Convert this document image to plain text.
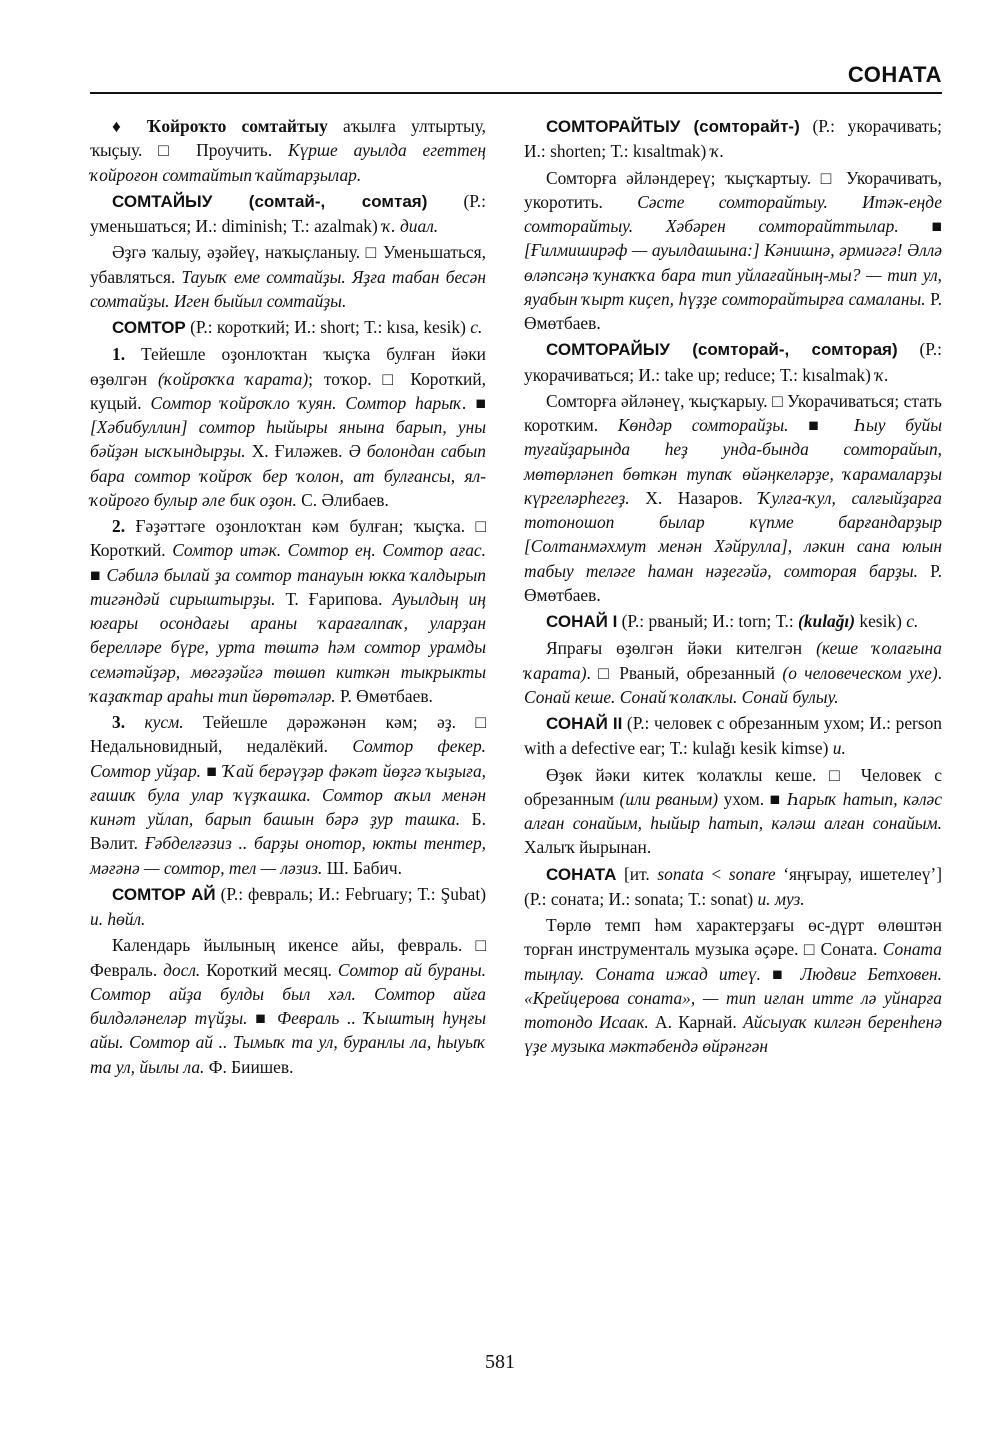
СОНАТА

♦ Ҡойроҡто сомтайтыу аҡылға ултыртыу, ҡыҫыу. □ Проучить. Күрше ауылда егеттең ҡойроғон сомтайтып ҡайтарҙылар.

СОМТАЙЫУ (сомтай-, сомтая) (Р.: уменьшаться; И.: diminish; Т.: azalmak) ҡ. диал.

Әҙгә ҡалыу, әҙәйеү, наҡыҫланыу. □ Уменьшаться, убавляться. Тауыҡ еме сомтайҙы. Яҙға табан бесән сомтайҙы. Иген быйыл сомтайҙы.

СОМТОР (Р.: короткий; И.: short; Т.: kısa, kesik) с.

1. Тейешле оҙонлоҡтан ҡыҫҡа булған йәки өҙөлгән (ҡойроҡҡа ҡарата); тоҡор. □ Короткий, куцый. Сомтор ҡойроҡло ҡуян. Сомтор һарыҡ. ■ [Хәбибуллин] сомтор һыйыры янына барып, уны бәйҙән ысҡындырҙы. Х. Ғиләжев. Ә болондан сабып бара сомтор ҡойроҡ бер ҡолон, ат булғансы, ял-ҡойроғо булыр әле бик оҙон. С. Әлибаев.

2. Ғәҙәттәге оҙонлоҡтан кәм булған; ҡыҫҡа. □ Короткий. Сомтор итәк. Сомтор ең. Сомтор ағас. ■ Сәбилә былай ҙа сомтор танауын юкка ҡалдырып тигәндәй сирыштырҙы. Т. Ғарипова. Ауылдың иң юғары осондағы араны ҡарағалпаҡ, уларҙан берелләре бүре, урта төштә һәм сомтор урамды семәтәйҙәр, мөгәҙәйгә төшөп киткән тыкрыкты ҡаҙаҡтар араһы тип йөрөтәләр. Р. Өмөтбаев.

3. кусм. Тейешле дәрәжәнән кәм; әҙ. □ Недальновидный, недалёкий. Сомтор фекер. Сомтор уйҙар. ■ Ҡай берәүҙәр фәкәт йөҙгә ҡыҙыға, ғашиҡ була улар ҡүҙҡашка. Сомтор аҡыл менән кинәт уйлап, барып башын бәрә ҙур ташка. Б. Вәлит. Ғәбделғәзиз .. барҙы онотор, юкты тентер, мәғәнә — сомтор, тел — ләзиз. Ш. Бабич.

СОМТОР АЙ (Р.: февраль; И.: February; Т.: Şubat) и. һөйл.

Календарь йылының икенсе айы, февраль. □ Февраль. досл. Короткий месяц. Сомтор ай бураны. Сомтор айҙа булды был хәл. Сомтор айға билдәләнеләр түйҙы. ■ Февраль .. Ҡыштың һуңғы айы. Сомтор ай .. Тымыҡ та ул, буранлы ла, һыуыҡ та ул, йылы ла. Ф. Биишев.

СОМТОРАЙТЫУ (сомторайт-) (Р.: укорачивать; И.: shorten; Т.: kısaltmak) ҡ.

Сомторға әйләндереү; ҡыҫҡартыу. □ Укорачивать, укоротить. Сәсте сомторайтыу. Итәк-еңде сомторайтыу. Хәбәрен сомторайттылар. ■ [Ғилмиширәф — ауылдашына:] Кәнишнә, әрмиәгә! Әллә өләпсәңә ҡунаҡҡа бара тип уйлағайның-мы? — тип ул, яуабын ҡырт киҫеп, һүҙҙе сомторайтырға самаланы. Р. Өмөтбаев.

СОМТОРАЙЫУ (сомторай-, сомторая) (Р.: укорачиваться; И.: take up; reduce; Т.: kısalmak) ҡ.

Сомторға әйләнеү, ҡыҫҡарыу. □ Укорачиваться; стать коротким. Көндәр сомторайҙы. ■ Һыу буйы туғайҙарында һеҙ унда-бында сомторайып, мөтөрләнеп бөткән тупаҡ өйәңкеләрҙе, ҡарамаларҙы күргеләрһегеҙ. Х. Назаров. Ҡулға-ҡул, салғыйҙарға тотоношоп былар күпме барғандарҙыр [Солтанмәхмут менән Хәйрулла], ләкин сана юлын табыу теләге һаман нәҙегәйә, сомторая барҙы. Р. Өмөтбаев.

СОНАЙ I (Р.: рваный; И.: torn; Т.: (kulağı) kesik) с.

Япрағы өҙөлгән йәки кителгән (кеше ҡолағына ҡарата). □ Рваный, обрезанный (о человеческом ухе). Сонай кеше. Сонай ҡолаҡлы. Сонай булыу.

СОНАЙ II (Р.: человек с обрезанным ухом; И.: person with a defective ear; Т.: kulağı kesik kimse) и.

Өҙөк йәки китек ҡолаҡлы кеше. □ Человек с обрезанным (или рваным) ухом. ■ Һарыҡ һатып, кәләс алған сонайым, һыйыр һатып, кәләш алған сонайым. Халыҡ йырынан.

СОНАТА [ит. sonata < sonare ‘яңғырау, ишетелеү’] (Р.: соната; И.: sonata; Т.: sonat) и. муз.

Төрлө темп һәм характерҙағы өс-дүрт өлөштән торған инструменталь музыка әҫәре. □ Соната. Соната тыңлау. Соната ижад итеү. ■ Людвиг Бетховен. «Крейцерова соната», — тип иғлан итте лә уйнарға тотондо Исаак. А. Карнай. Айсыуаҡ килгән беренһенә үҙе музыка мәктәбендә өйрәнгән

581
